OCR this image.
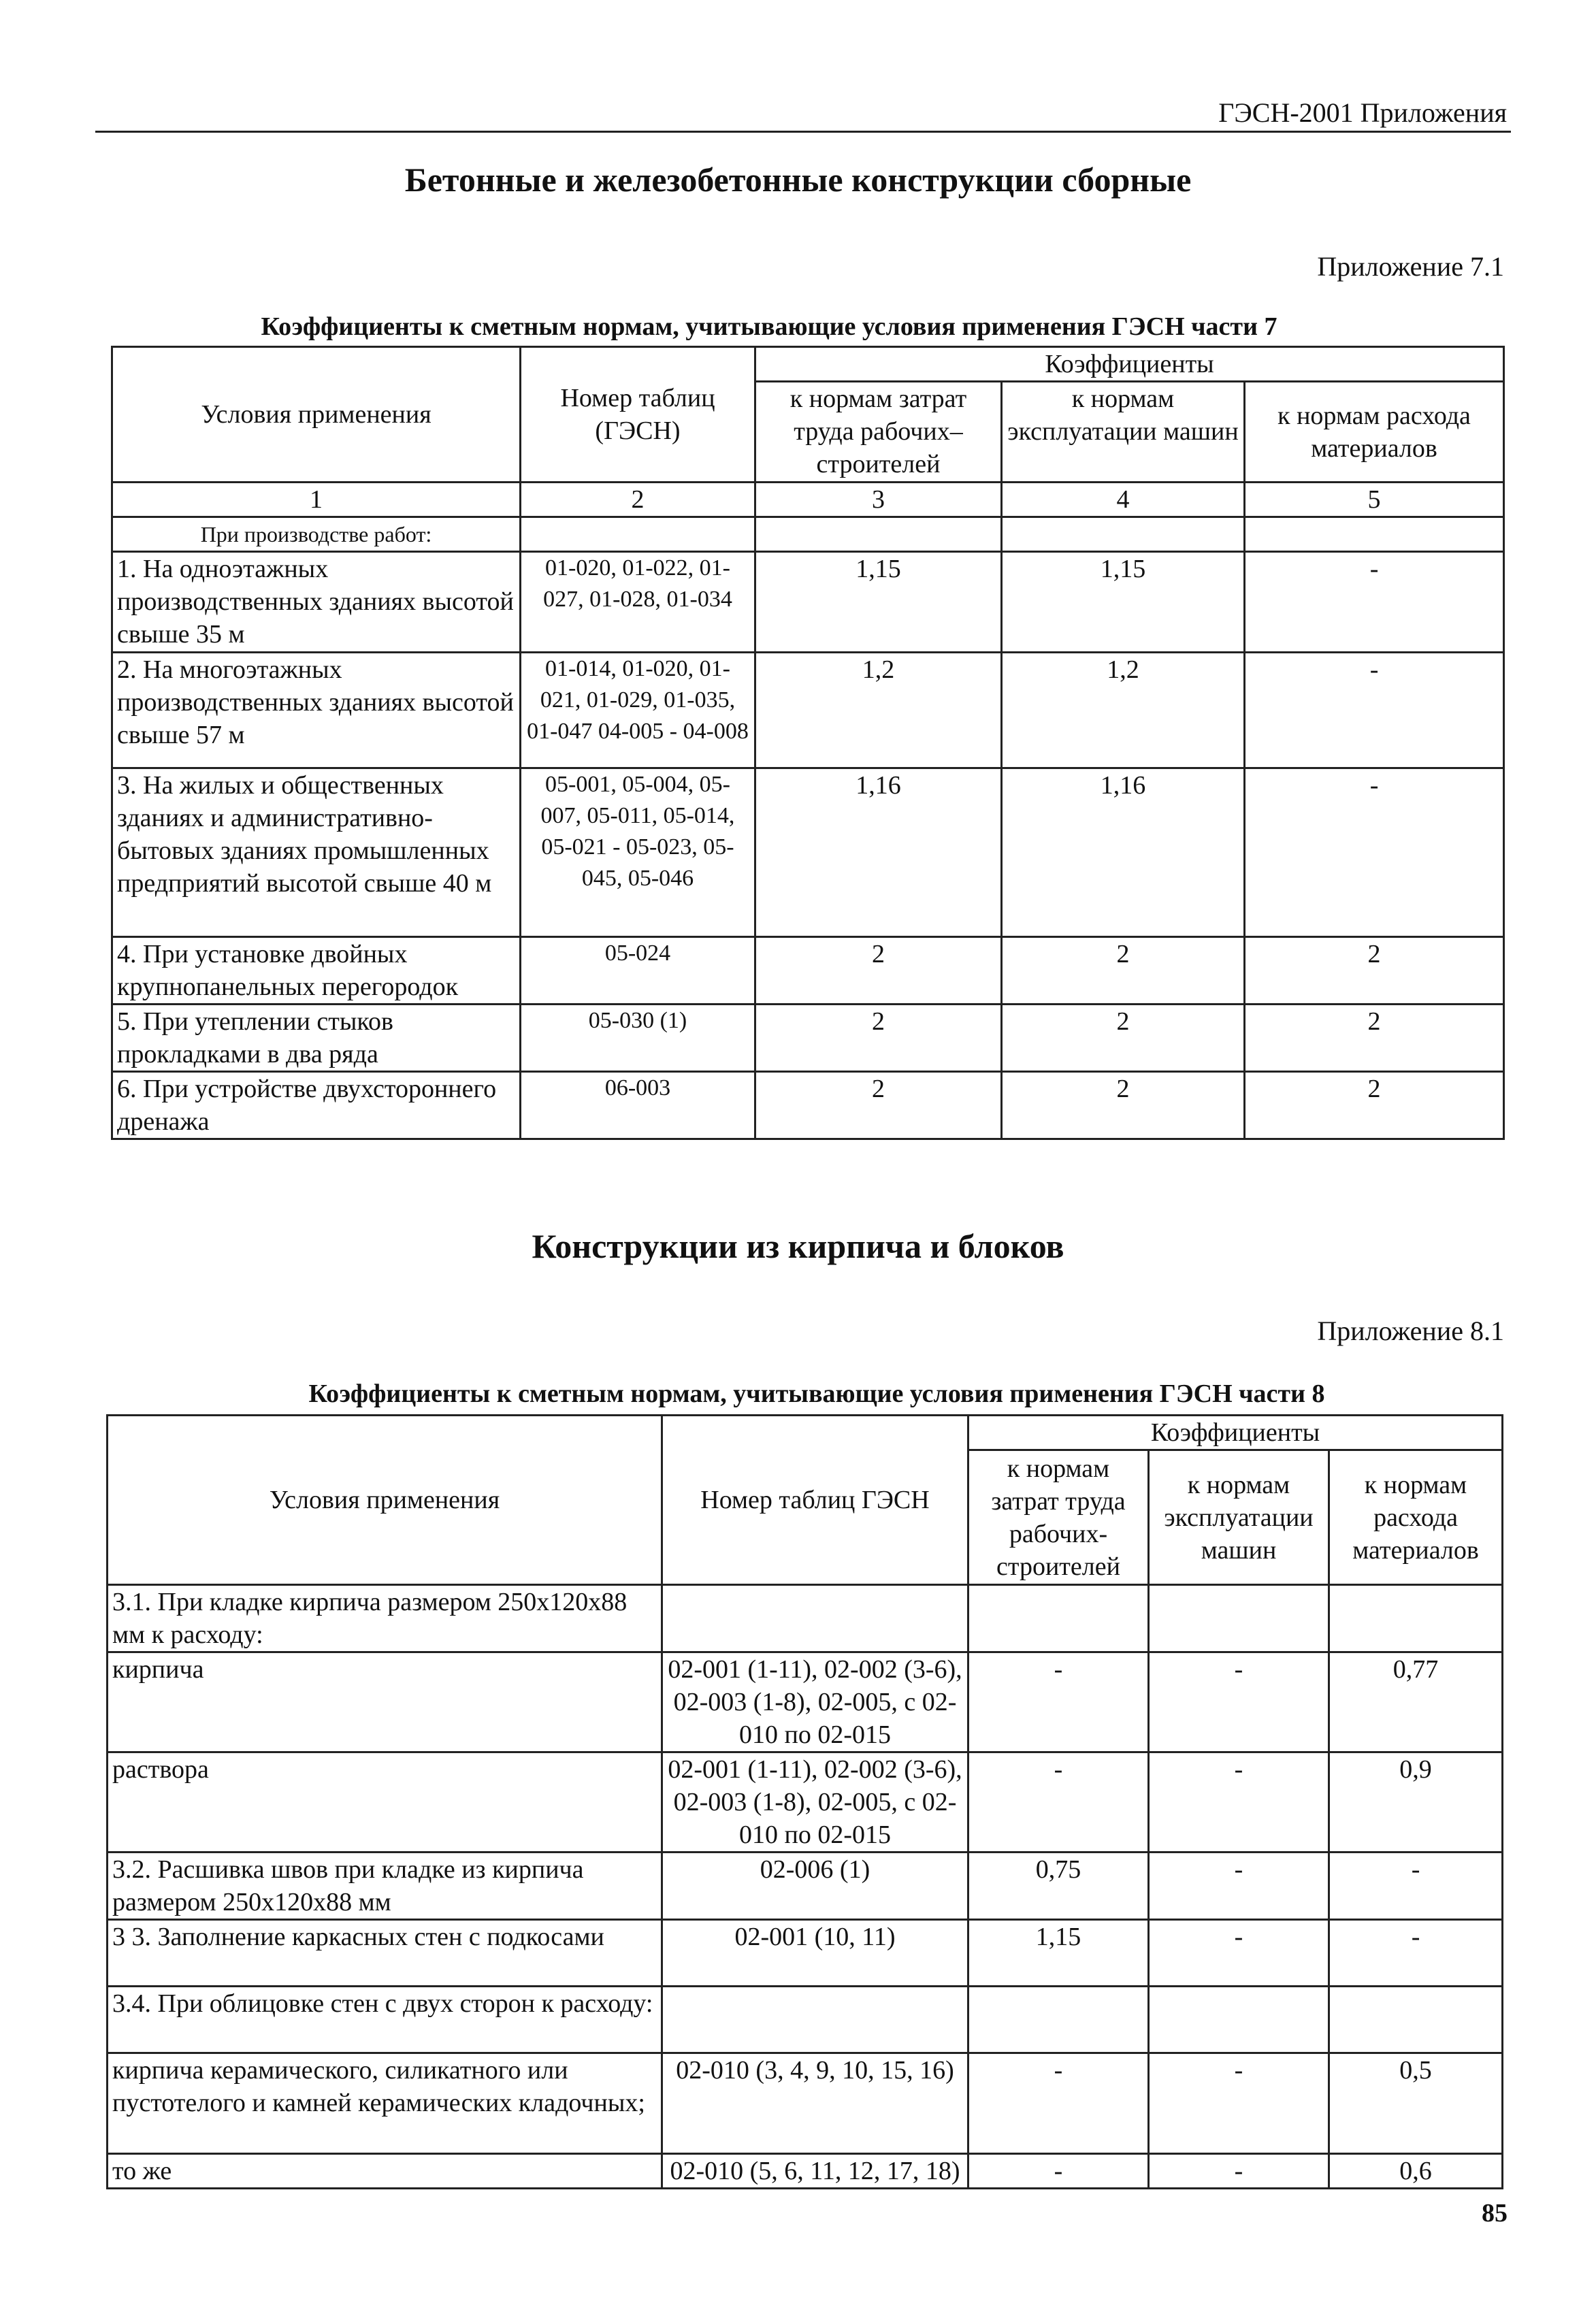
ГЭСН-2001 Приложения
Бетонные и железобетонные конструкции сборные
Приложение 7.1
Коэффициенты к сметным нормам, учитывающие условия применения ГЭСН части 7
Условия применения	Номер таблиц (ГЭСН)	Коэффициенты		
		к нормам затрат труда рабочих–строителей	к нормам эксплуатации машин	к нормам расхода материалов
1	2	3	4	5
При производстве работ:				
1. На одноэтажных производственных зданиях высотой свыше 35 м	01-020, 01-022, 01-027, 01-028, 01-034	1,15	1,15	-
2. На многоэтажных производственных зданиях высотой свыше 57 м	01-014, 01-020, 01-021, 01-029, 01-035, 01-047 04-005 - 04-008	1,2	1,2	-
3. На жилых и общественных зданиях и административно-бытовых зданиях промышленных предприятий высотой свыше 40 м	05-001, 05-004, 05-007, 05-011, 05-014, 05-021 - 05-023, 05-045, 05-046	1,16	1,16	-
4. При установке двойных крупнопанельных перегородок	05-024	2	2	2
5. При утеплении стыков прокладками в два ряда	05-030 (1)	2	2	2
6. При устройстве двухстороннего дренажа	06-003	2	2	2
Конструкции из кирпича и блоков
Приложение 8.1
Коэффициенты к сметным нормам, учитывающие условия применения ГЭСН части 8
Условия применения	Номер таблиц ГЭСН	Коэффициенты		
		к нормам затрат труда рабочих-строителей	к нормам эксплуатации машин	к нормам расхода материалов
3.1. При кладке кирпича размером 250х120х88 мм к расходу:				
кирпича	02-001 (1-11), 02-002 (3-6), 02-003 (1-8), 02-005, с 02-010 по 02-015	-	-	0,77
раствора	02-001 (1-11), 02-002 (3-6), 02-003 (1-8), 02-005, с 02-010 по 02-015	-	-	0,9
3.2. Расшивка швов при кладке из кирпича размером 250х120х88 мм	02-006 (1)	0,75	-	-
3 3. Заполнение каркасных стен с подкосами	02-001 (10, 11)	1,15	-	-
3.4. При облицовке стен с двух сторон к расходу:				
кирпича керамического, силикатного или пустотелого и камней керамических кладочных;	02-010 (3, 4, 9, 10, 15, 16)	-	-	0,5
то же	02-010 (5, 6, 11, 12, 17, 18)	-	-	0,6
85
